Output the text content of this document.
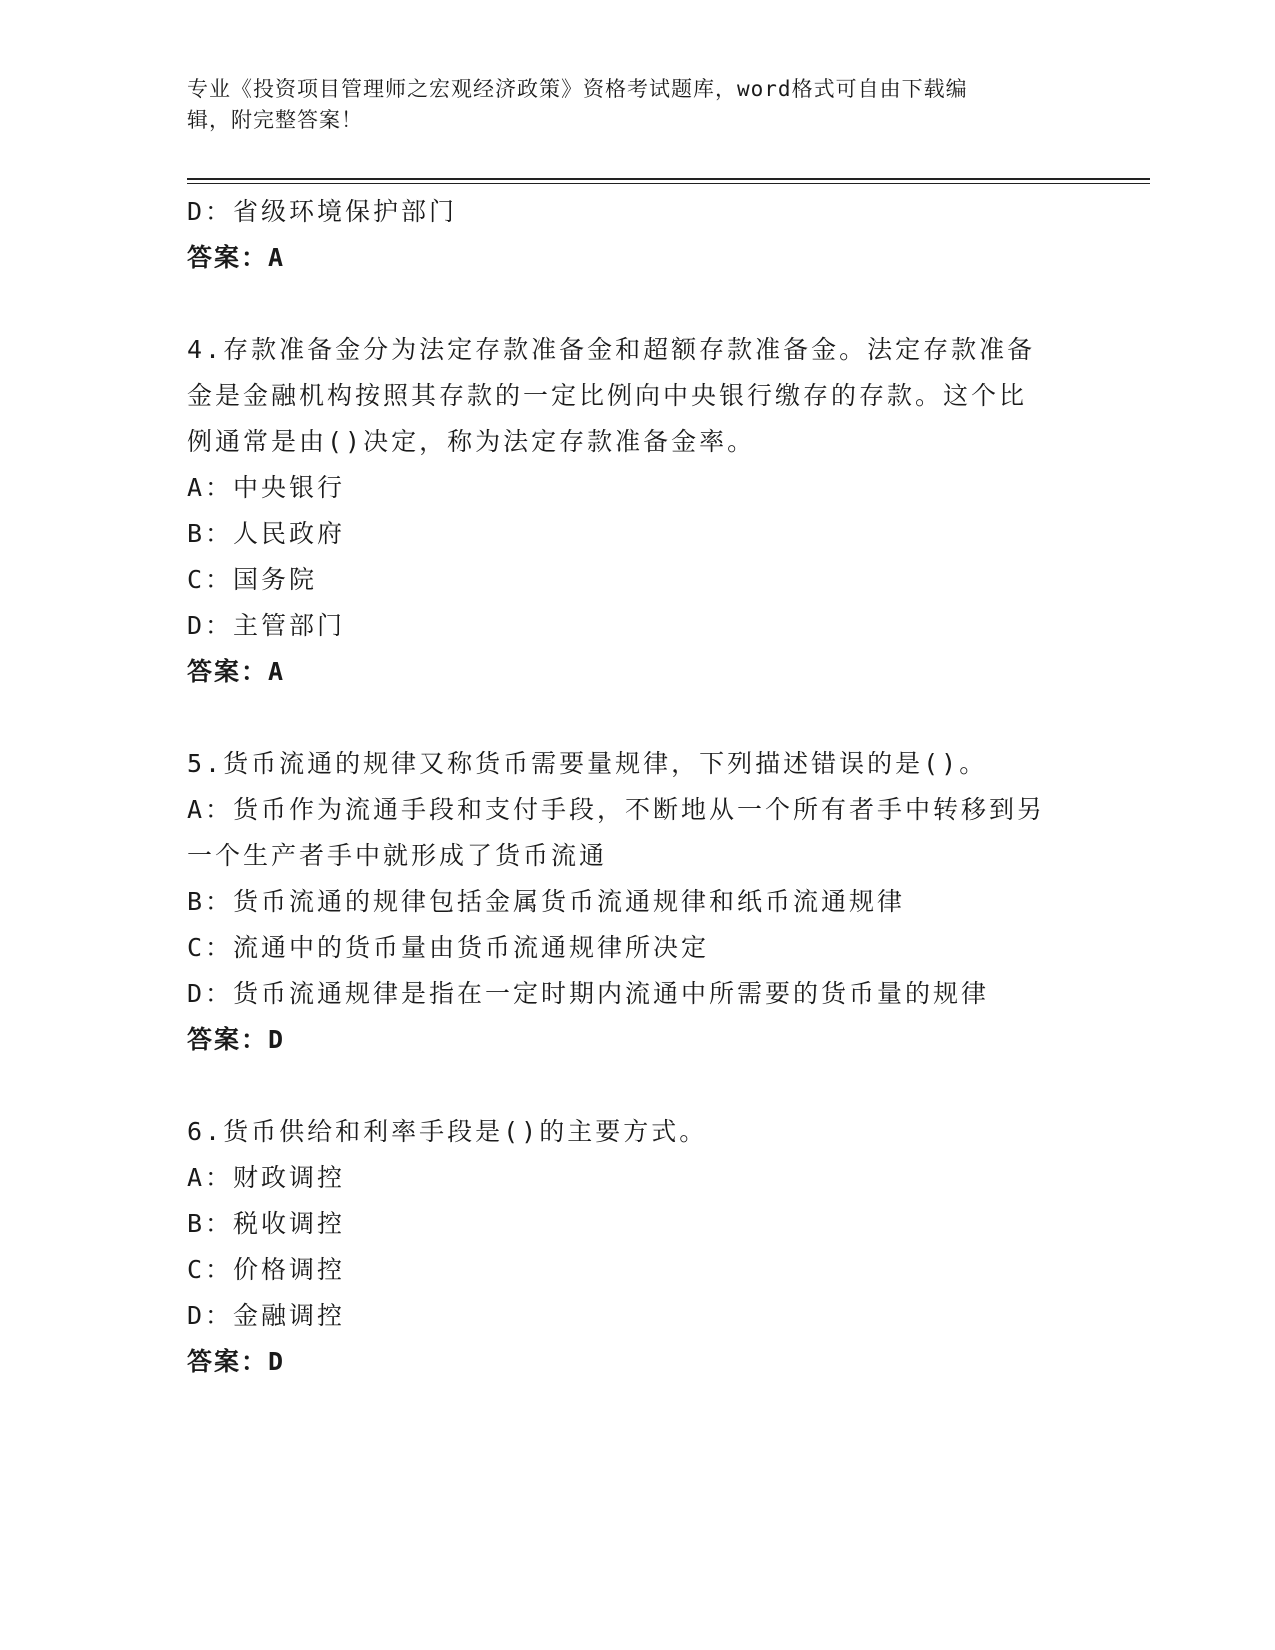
专业《投资项目管理师之宏观经济政策》资格考试题库，word格式可自由下载编
辑，附完整答案！
D：省级环境保护部门
答案：A
4.存款准备金分为法定存款准备金和超额存款准备金。法定存款准备
金是金融机构按照其存款的一定比例向中央银行缴存的存款。这个比
例通常是由()决定，称为法定存款准备金率。
A：中央银行
B：人民政府
C：国务院
D：主管部门
答案：A
5.货币流通的规律又称货币需要量规律，下列描述错误的是()。
A：货币作为流通手段和支付手段，不断地从一个所有者手中转移到另
一个生产者手中就形成了货币流通
B：货币流通的规律包括金属货币流通规律和纸币流通规律
C：流通中的货币量由货币流通规律所决定
D：货币流通规律是指在一定时期内流通中所需要的货币量的规律
答案：D
6.货币供给和利率手段是()的主要方式。
A：财政调控
B：税收调控
C：价格调控
D：金融调控
答案：D
